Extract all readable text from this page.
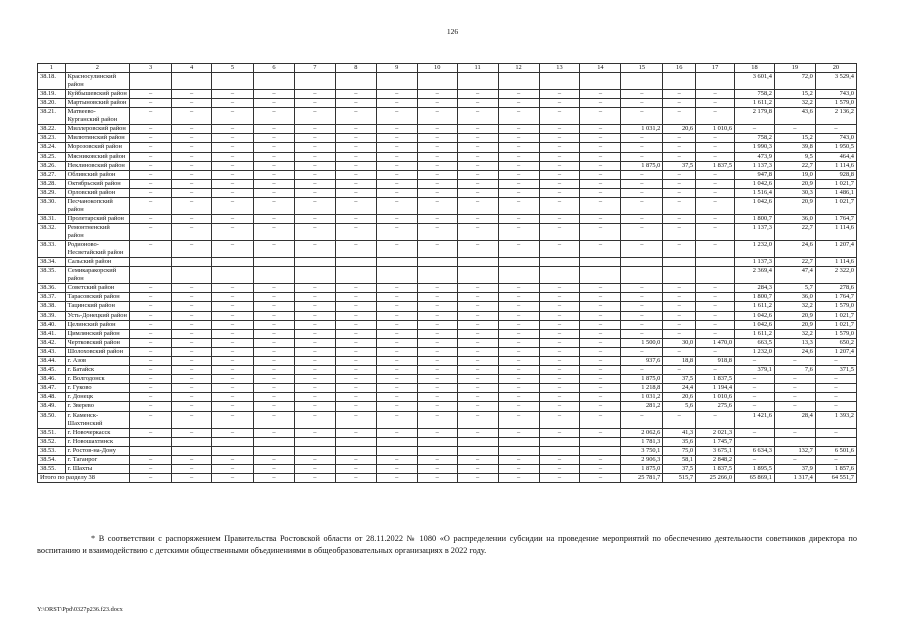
126
1	2	3	4	5	6	7	8	9	10	11	12	13	14	15	16	17	18	19	20
38.18.	Красносулинский район																3 601,4	72,0	3 529,4
38.19.	Куйбышевский район	–	–	–	–	–	–	–	–	–	–	–	–	–	–	–	758,2	15,2	743,0
38.20.	Мартыновский район	–	–	–	–	–	–	–	–	–	–	–	–	–	–	–	1 611,2	32,2	1 579,0
38.21.	Матвеево-Курганский район	–	–	–	–	–	–	–	–	–	–	–	–	–	–	–	2 179,8	43,6	2 136,2
38.22.	Миллеровский район	–	–	–	–	–	–	–	–	–	–	–	–	1 031,2	20,6	1 010,6	–	–	–
38.23.	Милютинский район	–	–	–	–	–	–	–	–	–	–	–	–	–	–	–	758,2	15,2	743,0
38.24.	Морозовский район	–	–	–	–	–	–	–	–	–	–	–	–	–	–	–	1 990,3	39,8	1 950,5
38.25.	Мясниковский район	–	–	–	–	–	–	–	–	–	–	–	–	–	–	–	473,9	9,5	464,4
38.26.	Неклиновский район	–	–	–	–	–	–	–	–	–	–	–	–	1 875,0	37,5	1 837,5	1 137,3	22,7	1 114,6
38.27.	Обливский район	–	–	–	–	–	–	–	–	–	–	–	–	–	–	–	947,8	19,0	928,8
38.28.	Октябрьский район	–	–	–	–	–	–	–	–	–	–	–	–	–	–	–	1 042,6	20,9	1 021,7
38.29.	Орловский район	–	–	–	–	–	–	–	–	–	–	–	–	–	–	–	1 516,4	30,3	1 486,1
38.30.	Песчанокопский район	–	–	–	–	–	–	–	–	–	–	–	–	–	–	–	1 042,6	20,9	1 021,7
38.31.	Пролетарский район	–	–	–	–	–	–	–	–	–	–	–	–	–	–	–	1 800,7	36,0	1 764,7
38.32.	Ремонтненский район	–	–	–	–	–	–	–	–	–	–	–	–	–	–	–	1 137,3	22,7	1 114,6
38.33.	Родионово-Несветайский район	–	–	–	–	–	–	–	–	–	–	–	–	–	–	–	1 232,0	24,6	1 207,4
38.34.	Сальский район																1 137,3	22,7	1 114,6
38.35.	Семикаракорский район																2 369,4	47,4	2 322,0
38.36.	Советский район	–	–	–	–	–	–	–	–	–	–	–	–	–	–	–	284,3	5,7	278,6
38.37.	Тарасовский район	–	–	–	–	–	–	–	–	–	–	–	–	–	–	–	1 800,7	36,0	1 764,7
38.38.	Тацинский район	–	–	–	–	–	–	–	–	–	–	–	–	–	–	–	1 611,2	32,2	1 579,0
38.39.	Усть-Донецкий район	–	–	–	–	–	–	–	–	–	–	–	–	–	–	–	1 042,6	20,9	1 021,7
38.40.	Целинский район	–	–	–	–	–	–	–	–	–	–	–	–	–	–	–	1 042,6	20,9	1 021,7
38.41.	Цимлянский район	–	–	–	–	–	–	–	–	–	–	–	–	–	–	–	1 611,2	32,2	1 579,0
38.42.	Чертковский район	–	–	–	–	–	–	–	–	–	–	–	–	1 500,0	30,0	1 470,0	663,5	13,3	650,2
38.43.	Шолоховский район	–	–	–	–	–	–	–	–	–	–	–	–	–	–	–	1 232,0	24,6	1 207,4
38.44.	г. Азов	–	–	–	–	–	–	–	–	–	–	–	–	937,6	18,8	918,8	–	–	–
38.45.	г. Батайск	–	–	–	–	–	–	–	–	–	–	–	–	–	–	–	379,1	7,6	371,5
38.46.	г. Волгодонск	–	–	–	–	–	–	–	–	–	–	–	–	1 875,0	37,5	1 837,5	–	–	–
38.47.	г. Гуково	–	–	–	–	–	–	–	–	–	–	–	–	1 218,8	24,4	1 194,4	–	–	–
38.48.	г. Донецк	–	–	–	–	–	–	–	–	–	–	–	–	1 031,2	20,6	1 010,6	–	–	–
38.49.	г. Зверево	–	–	–	–	–	–	–	–	–	–	–	–	281,2	5,6	275,6	–	–	–
38.50.	г. Каменск-Шахтинский	–	–	–	–	–	–	–	–	–	–	–	–	–	–	–	1 421,6	28,4	1 393,2
38.51.	г. Новочеркасск	–	–	–	–	–	–	–	–	–	–	–	–	2 062,6	41,3	2 021,3	–	–	–
38.52.	г. Новошахтинск													1 781,3	35,6	1 745,7			
38.53.	г. Ростов-на-Дону													3 750,1	75,0	3 675,1	6 634,3	132,7	6 501,6
38.54.	г. Таганрог	–	–	–	–	–	–	–	–	–	–	–	–	2 906,3	58,1	2 848,2	–	–	–
38.55.	г. Шахты	–	–	–	–	–	–	–	–	–	–	–	–	1 875,0	37,5	1 837,5	1 895,5	37,9	1 857,6
Итого по разделу 38		–	–	–	–	–	–	–	–	–	–	–	–	25 781,7	515,7	25 266,0	65 869,1	1 317,4	64 551,7
* В соответствии с распоряжением Правительства Ростовской области от 28.11.2022 № 1080 «О распределении субсидии на проведение мероприятий по обеспечению деятельности советников директора по воспитанию и взаимодействию с детскими общественными объединениями в общеобразовательных организациях в 2022 году.
Y:\ORST\Ppd\0327p236.f23.docx
